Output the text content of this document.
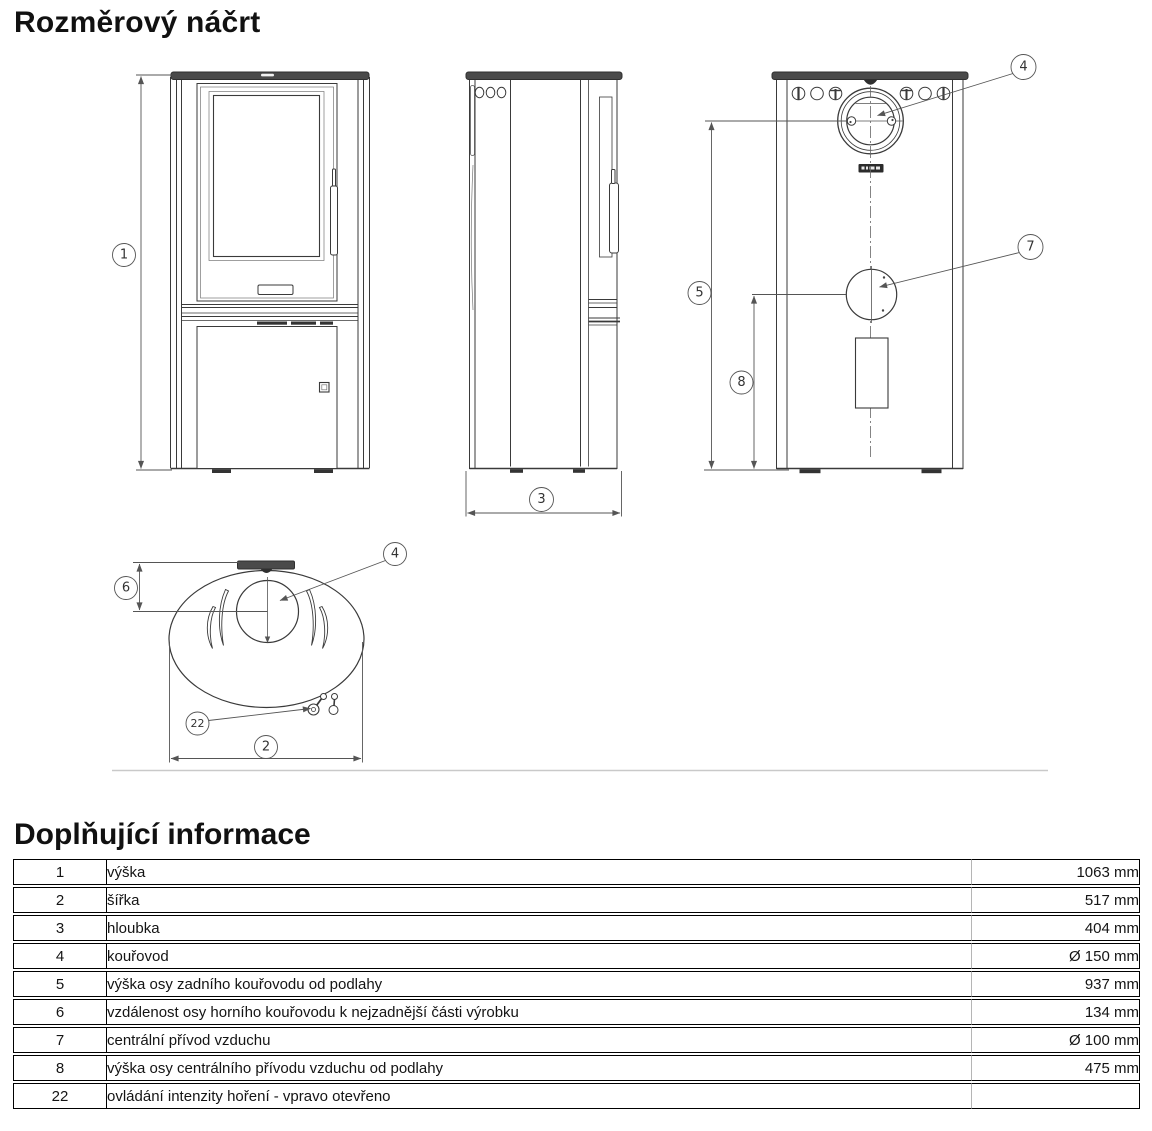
Rozměrový náčrt
1
3
5
8
4
7
6
2
22
4
Doplňující informace
1	výška	1063 mm
2	šířka	517 mm
3	hloubka	404 mm
4	kouřovod	Ø 150 mm
5	výška osy zadního kouřovodu od podlahy	937 mm
6	vzdálenost osy horního kouřovodu k nejzadnější části výrobku	134 mm
7	centrální přívod vzduchu	Ø 100 mm
8	výška osy centrálního přívodu vzduchu od podlahy	475 mm
22	ovládání intenzity hoření - vpravo otevřeno	
